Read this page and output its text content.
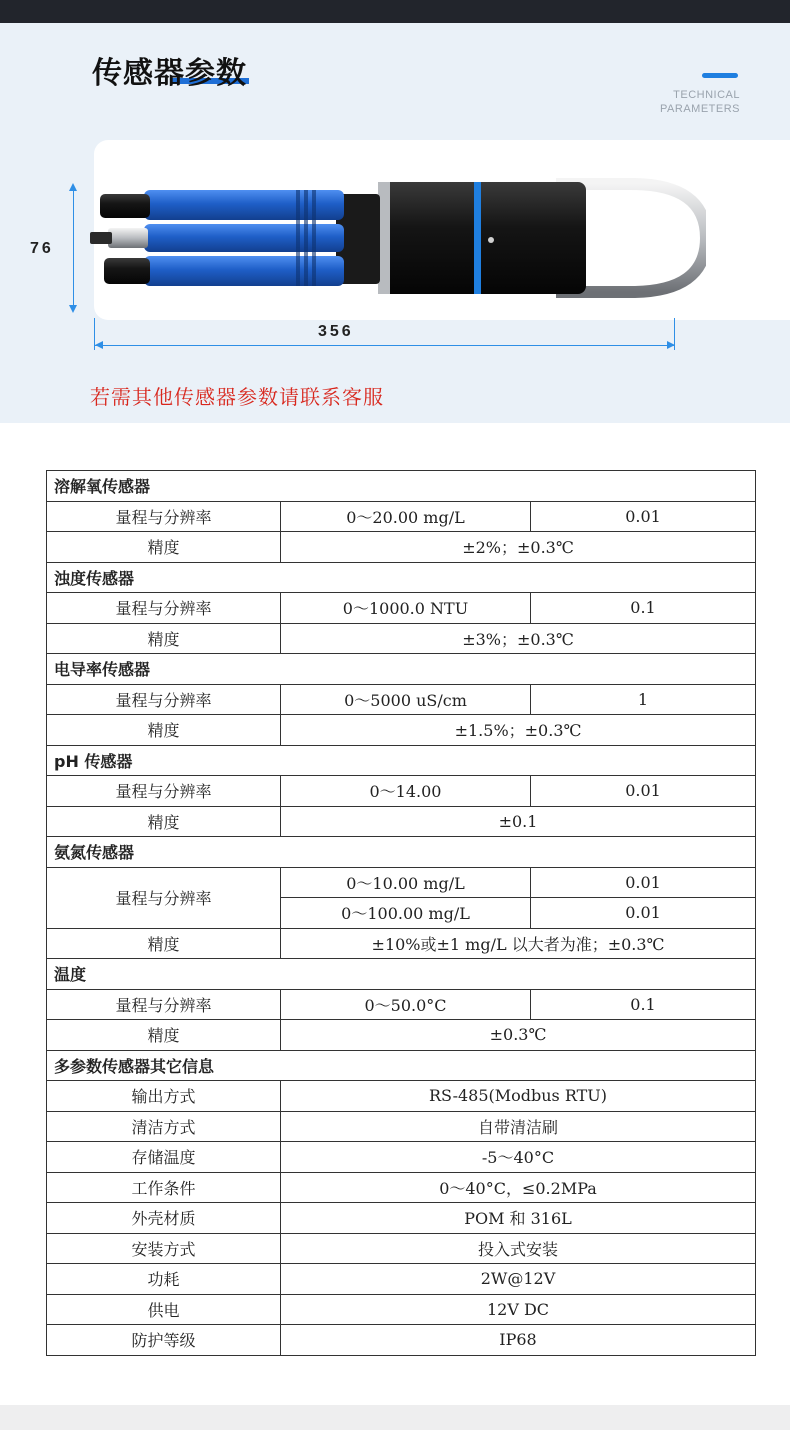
传感器参数
TECHNICAL
PARAMETERS
76
356
若需其他传感器参数请联系客服
溶解氧传感器		
量程与分辨率	0～20.00 mg/L	0.01
精度	±2%；±0.3℃	
浊度传感器		
量程与分辨率	0～1000.0 NTU	0.1
精度	±3%；±0.3℃	
电导率传感器		
量程与分辨率	0～5000 uS/cm	1
精度	±1.5%；±0.3℃	
pH 传感器		
量程与分辨率	0～14.00	0.01
精度	±0.1	
氨氮传感器		
量程与分辨率	0～10.00 mg/L	0.01
	0～100.00 mg/L	0.01
精度	±10%或±1 mg/L 以大者为准；±0.3℃	
温度		
量程与分辨率	0～50.0°C	0.1
精度	±0.3℃	
多参数传感器其它信息		
输出方式	RS-485(Modbus RTU)	
清洁方式	自带清洁刷	
存储温度	-5～40°C	
工作条件	0～40°C，≤0.2MPa	
外壳材质	POM 和 316L	
安装方式	投入式安装	
功耗	2W@12V	
供电	12V DC	
防护等级	IP68	
